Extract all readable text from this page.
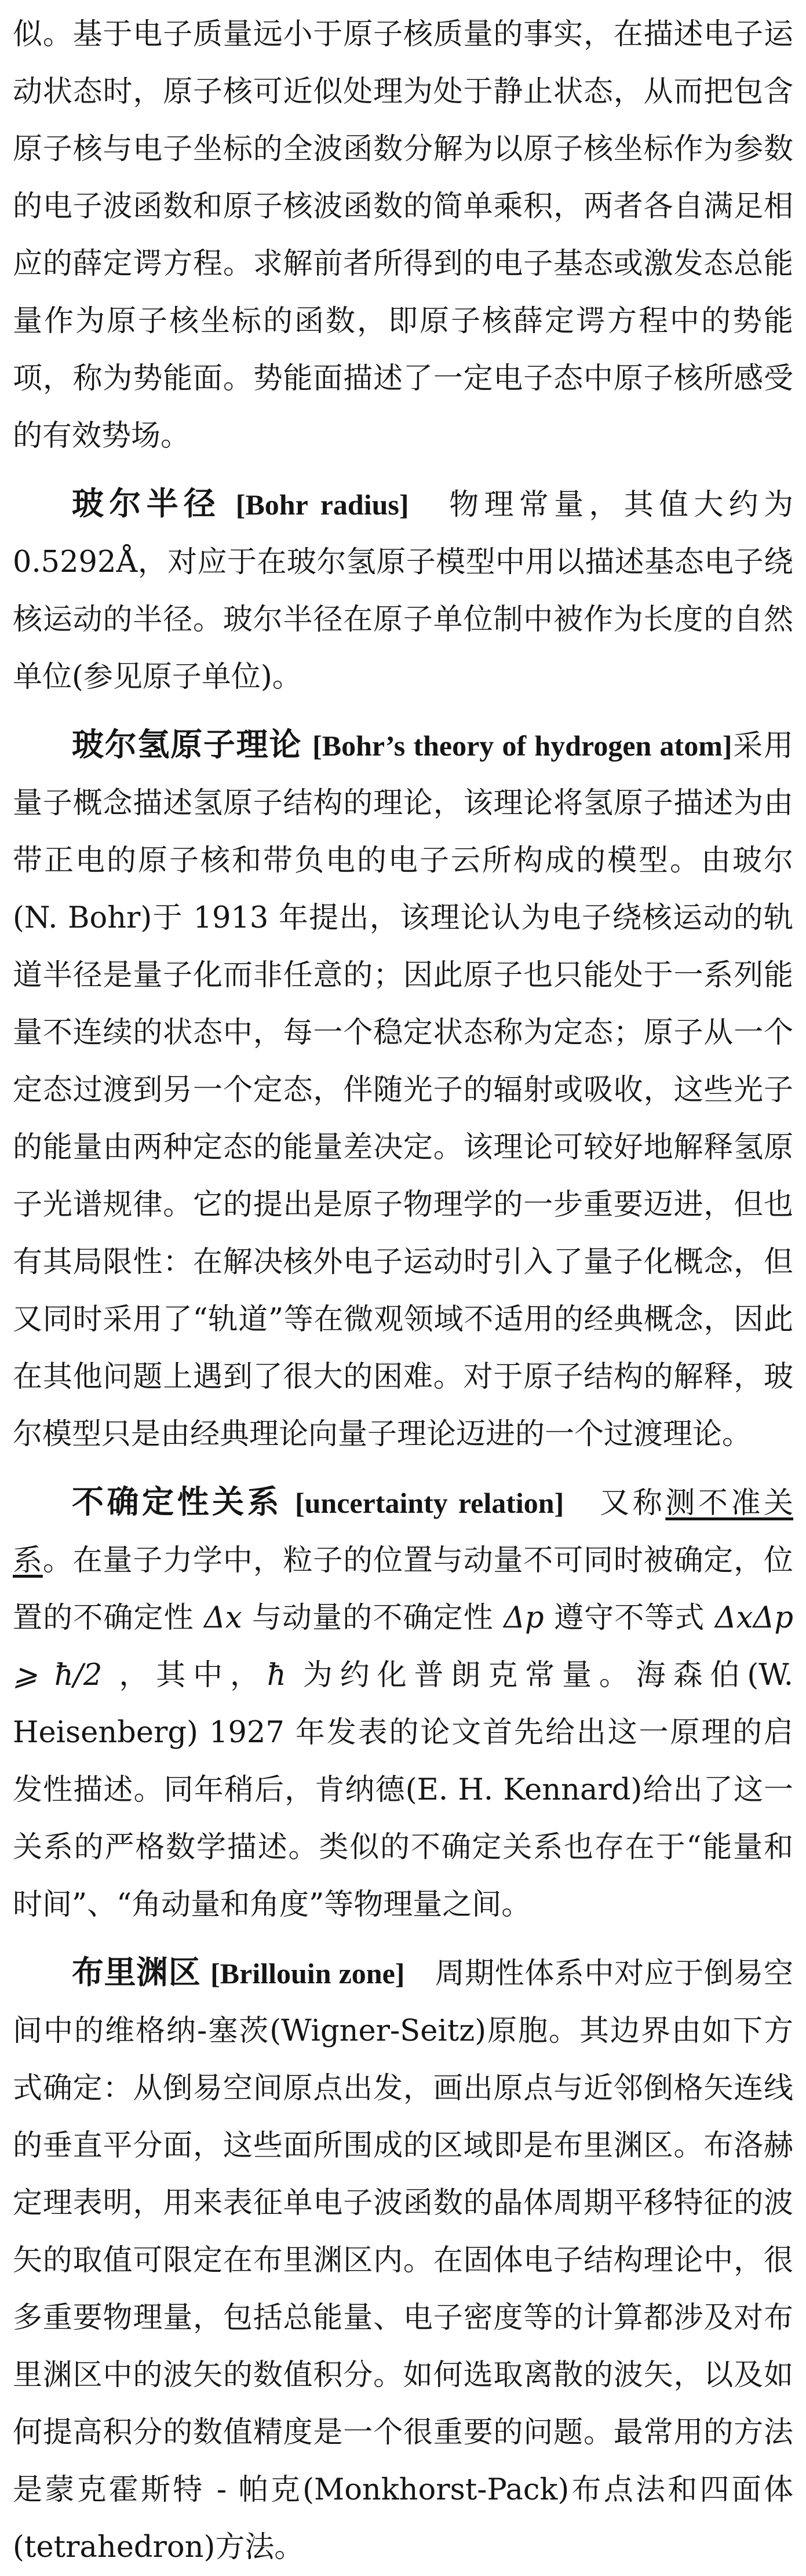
似。基于电子质量远小于原子核质量的事实，在描述电子运动状态时，原子核可近似处理为处于静止状态，从而把包含原子核与电子坐标的全波函数分解为以原子核坐标作为参数的电子波函数和原子核波函数的简单乘积，两者各自满足相应的薛定谔方程。求解前者所得到的电子基态或激发态总能量作为原子核坐标的函数，即原子核薛定谔方程中的势能项，称为势能面。势能面描述了一定电子态中原子核所感受的有效势场。

玻尔半径 [Bohr radius]　物理常量，其值大约为0.5292Å，对应于在玻尔氢原子模型中用以描述基态电子绕核运动的半径。玻尔半径在原子单位制中被作为长度的自然单位(参见原子单位)。

玻尔氢原子理论 [Bohr’s theory of hydrogen atom]采用量子概念描述氢原子结构的理论，该理论将氢原子描述为由带正电的原子核和带负电的电子云所构成的模型。由玻尔(N. Bohr)于 1913 年提出，该理论认为电子绕核运动的轨道半径是量子化而非任意的；因此原子也只能处于一系列能量不连续的状态中，每一个稳定状态称为定态；原子从一个定态过渡到另一个定态，伴随光子的辐射或吸收，这些光子的能量由两种定态的能量差决定。该理论可较好地解释氢原子光谱规律。它的提出是原子物理学的一步重要迈进，但也有其局限性：在解决核外电子运动时引入了量子化概念，但又同时采用了“轨道”等在微观领域不适用的经典概念，因此在其他问题上遇到了很大的困难。对于原子结构的解释，玻尔模型只是由经典理论向量子理论迈进的一个过渡理论。

不确定性关系 [uncertainty relation]　又称测不准关系。在量子力学中，粒子的位置与动量不可同时被确定，位置的不确定性 Δx 与动量的不确定性 Δp 遵守不等式 ΔxΔp ⩾ ħ/2 ，其中，ħ 为约化普朗克常量。海森伯(W. Heisenberg) 1927 年发表的论文首先给出这一原理的启发性描述。同年稍后，肯纳德(E. H. Kennard)给出了这一关系的严格数学描述。类似的不确定关系也存在于“能量和时间”、“角动量和角度”等物理量之间。

布里渊区 [Brillouin zone]　周期性体系中对应于倒易空间中的维格纳-塞茨(Wigner-Seitz)原胞。其边界由如下方式确定：从倒易空间原点出发，画出原点与近邻倒格矢连线的垂直平分面，这些面所围成的区域即是布里渊区。布洛赫定理表明，用来表征单电子波函数的晶体周期平移特征的波矢的取值可限定在布里渊区内。在固体电子结构理论中，很多重要物理量，包括总能量、电子密度等的计算都涉及对布里渊区中的波矢的数值积分。如何选取离散的波矢，以及如何提高积分的数值精度是一个很重要的问题。最常用的方法是蒙克霍斯特 - 帕克(Monkhorst-Pack)布点法和四面体(tetrahedron)方法。
